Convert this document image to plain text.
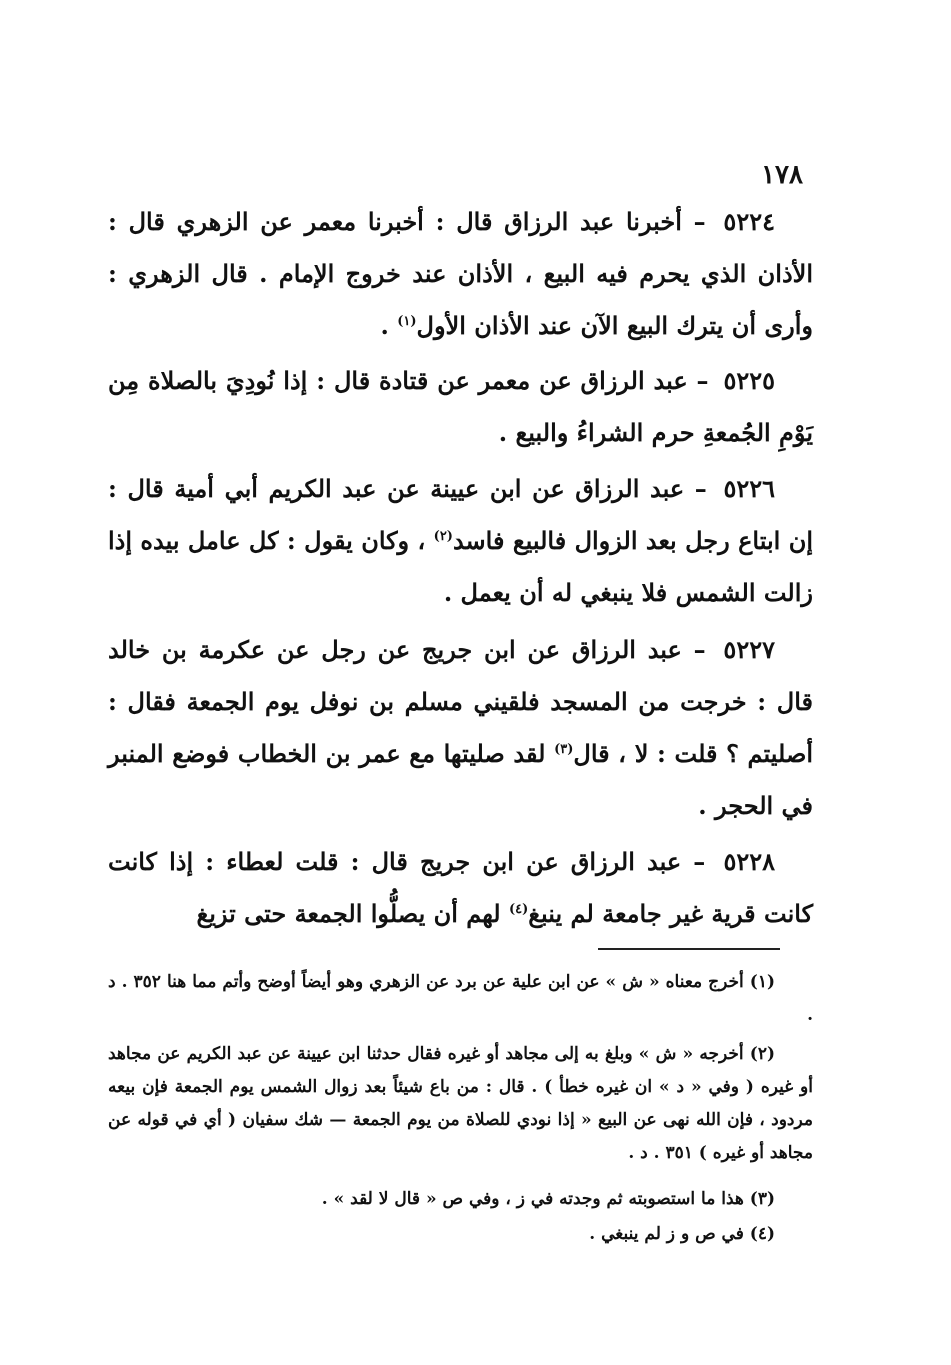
١٧٨

٥٢٢٤ – أخبرنا عبد الرزاق قال : أخبرنا معمر عن الزهري قال : الأذان الذي يحرم فيه البيع ، الأذان عند خروج الإمام . قال الزهري : وأرى أن يترك البيع الآن عند الأذان الأول$^{(١)}$ .

٥٢٢٥ – عبد الرزاق عن معمر عن قتادة قال : إذا نُودِيَ بالصلاة مِن يَوْمِ الجُمعةِ حرم الشراءُ والبيع .

٥٢٢٦ – عبد الرزاق عن ابن عيينة عن عبد الكريم أبي أمية قال : إن ابتاع رجل بعد الزوال فالبيع فاسد$^{(٢)}$ ، وكان يقول : كل عامل بيده إذا زالت الشمس فلا ينبغي له أن يعمل .

٥٢٢٧ – عبد الرزاق عن ابن جريج عن رجل عن عكرمة بن خالد قال : خرجت من المسجد فلقيني مسلم بن نوفل يوم الجمعة فقال : أصليتم ؟ قلت : لا ، قال$^{(٣)}$ لقد صليتها مع عمر بن الخطاب فوضع المنبر في الحجر .

٥٢٢٨ – عبد الرزاق عن ابن جريج قال : قلت لعطاء : إذا كانت كانت قرية غير جامعة لم ينبغ$^{(٤)}$ لهم أن يصلُّوا الجمعة حتى تزيغ

(١) أخرج معناه « ش » عن ابن علية عن برد عن الزهري وهو أيضاً أوضح وأتم مما هنا ٣٥٢ . د .

(٢) أخرجه « ش » وبلغ به إلى مجاهد أو غيره فقال حدثنا ابن عيينة عن عبد الكريم عن مجاهد أو غيره ( وفي « د » ان غيره خطأ ) . قال : من باع شيئاً بعد زوال الشمس يوم الجمعة فإن بيعه مردود ، فإن الله نهى عن البيع « إذا نودي للصلاة من يوم الجمعة — شك سفيان ( أي في قوله عن مجاهد أو غيره ) ٣٥١ . د .

(٣) هذا ما استصوبته ثم وجدته في ز ، وفي ص « قال لا لقد » .

(٤) في ص و ز لم ينبغي .
